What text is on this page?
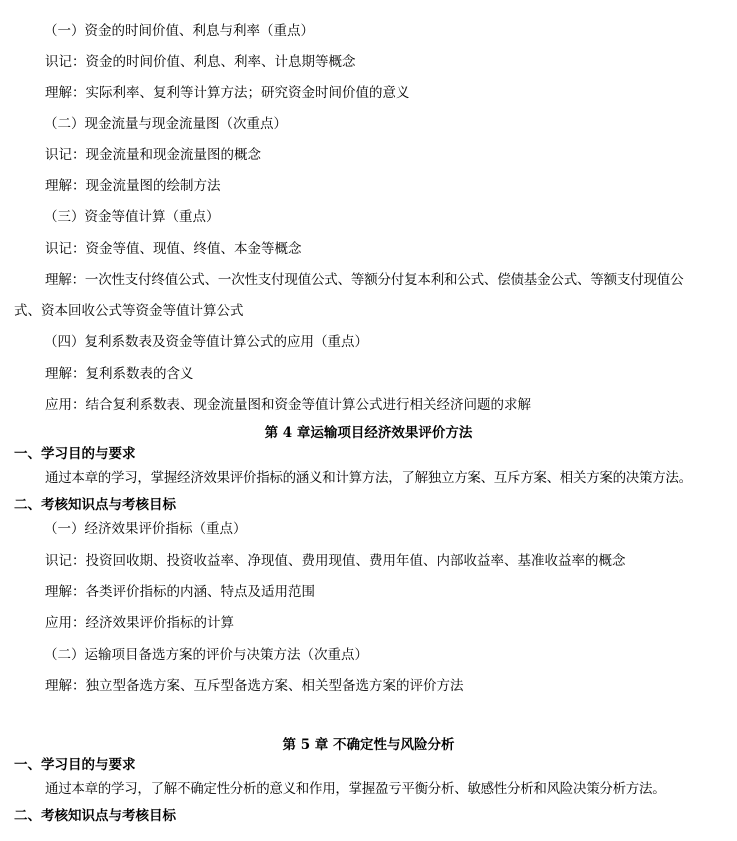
（一）资金的时间价值、利息与利率（重点）
识记：资金的时间价值、利息、利率、计息期等概念
理解：实际利率、复利等计算方法；研究资金时间价值的意义
（二）现金流量与现金流量图（次重点）
识记：现金流量和现金流量图的概念
理解：现金流量图的绘制方法
（三）资金等值计算（重点）
识记：资金等值、现值、终值、本金等概念
理解：一次性支付终值公式、一次性支付现值公式、等额分付复本利和公式、偿债基金公式、等额支付现值公
式、资本回收公式等资金等值计算公式
（四）复利系数表及资金等值计算公式的应用（重点）
理解：复利系数表的含义
应用：结合复利系数表、现金流量图和资金等值计算公式进行相关经济问题的求解
第 4 章运输项目经济效果评价方法
一、学习目的与要求
通过本章的学习，掌握经济效果评价指标的涵义和计算方法，了解独立方案、互斥方案、相关方案的决策方法。
二、考核知识点与考核目标
（一）经济效果评价指标（重点）
识记：投资回收期、投资收益率、净现值、费用现值、费用年值、内部收益率、基准收益率的概念
理解：各类评价指标的内涵、特点及适用范围
应用：经济效果评价指标的计算
（二）运输项目备选方案的评价与决策方法（次重点）
理解：独立型备选方案、互斥型备选方案、相关型备选方案的评价方法
第 5 章 不确定性与风险分析
一、学习目的与要求
通过本章的学习，了解不确定性分析的意义和作用，掌握盈亏平衡分析、敏感性分析和风险决策分析方法。
二、考核知识点与考核目标
